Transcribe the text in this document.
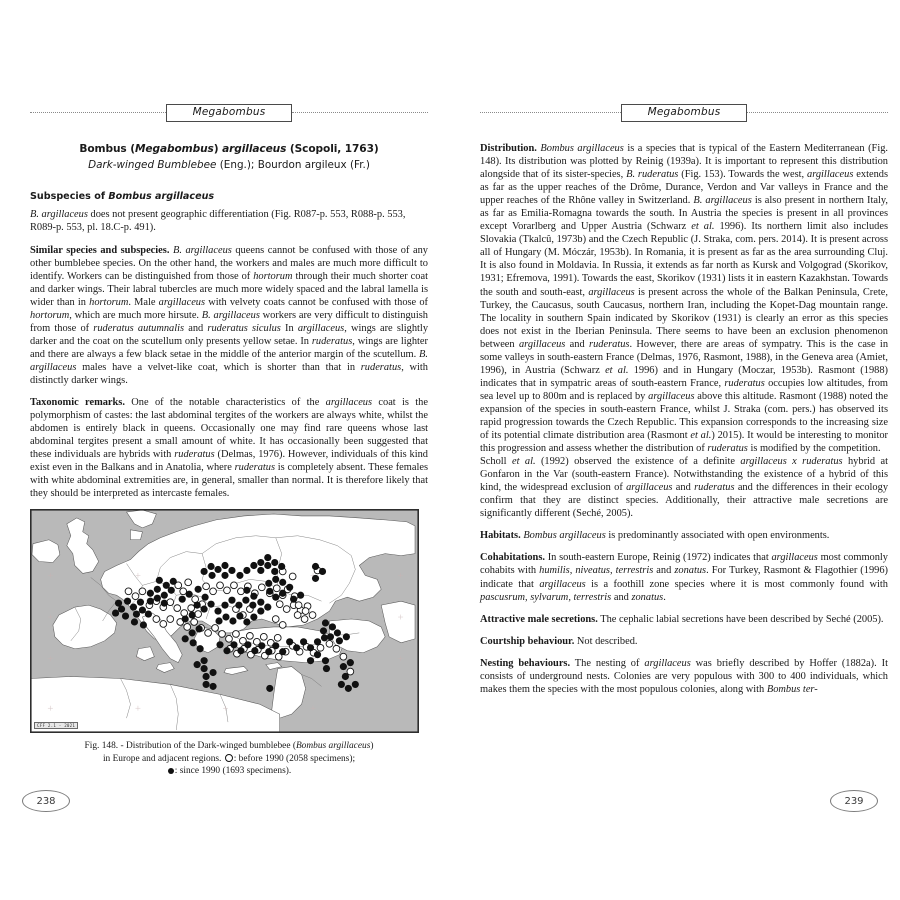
Megabombus
Bombus (Megabombus) argillaceus (Scopoli, 1763)
Dark-winged Bumblebee (Eng.); Bourdon argileux (Fr.)
Subspecies of Bombus argillaceus

B. argillaceus does not present geographic differentiation (Fig. R087-p. 553, R088-p. 553, R089-p. 553, pl. 18.C-p. 491).

Similar species and subspecies. B. argillaceus queens cannot be confused with those of any other bumblebee species. On the other hand, the workers and males are much more difficult to identify. Workers can be distinguished from those of hortorum through their much shorter coat and darker wings. Their labral tubercles are much more widely spaced and the labral lamella is wider than in hortorum. Male argillaceus with velvety coats cannot be confused with those of hortorum, which are much more hirsute. B. argillaceus workers are very difficult to distinguish from those of ruderatus autumnalis and ruderatus siculus In argillaceus, wings are slightly darker and the coat on the scutellum only presents yellow setae. In ruderatus, wings are lighter and there are always a few black setae in the middle of the anterior margin of the scutellum. B. argillaceus males have a velvet-like coat, which is shorter than that in ruderatus, with distinctly darker wings.

Taxonomic remarks. One of the notable characteristics of the argillaceus coat is the polymorphism of castes: the last abdominal tergites of the workers are always white, whilst the abdomen is entirely black in queens. Occasionally one may find rare queens whose last abdominal tergites present a small amount of white. It has occasionally been suggested that these individuals are hybrids with ruderatus (Delmas, 1976). However, individuals of this kind exist even in the Balkans and in Anatolia, where ruderatus is completely absent. These females with white abdominal extremities are, in general, smaller than normal. It is therefore likely that they should be interpreted as intercaste females.

CFF 2.1 - 2021
Fig. 148. - Distribution of the Dark-winged bumblebee (Bombus argillaceus)
in Europe and adjacent regions. : before 1990 (2058 specimens);
: since 1990 (1693 specimens).
238
Megabombus

Distribution. Bombus argillaceus is a species that is typical of the Eastern Mediterranean (Fig. 148). Its distribution was plotted by Reinig (1939a). It is important to represent this distribution alongside that of its sister-species, B. ruderatus (Fig. 153). Towards the west, argillaceus extends as far as the upper reaches of the Drôme, Durance, Verdon and Var valleys in France and the upper reaches of the Rhône valley in Switzerland. B. argillaceus is also present in northern Italy, as far as Emilia-Romagna towards the south. In Austria the species is present in all provinces except Vorarlberg and Upper Austria (Schwarz et al. 1996). Its northern limit also includes Slovakia (Tkalcû, 1973b) and the Czech Republic (J. Straka, com. pers. 2014). It is present across all of Hungary (M. Móczár, 1953b). In Romania, it is present as far as the area surrounding Cluj. It is also found in Moldavia. In Russia, it extends as far north as Kursk and Volgograd (Skorikov, 1931; Efremova, 1991). Towards the east, Skorikov (1931) lists it in eastern Kazakhstan. Towards the south and south-east, argillaceus is present across the whole of the Balkan Peninsula, Crete, Turkey, the Caucasus, south Caucasus, northern Iran, including the Kopet-Dag mountain range. The locality in southern Spain indicated by Skorikov (1931) is clearly an error as this species does not exist in the Iberian Peninsula. There seems to have been an exclusion phenomenon between argillaceus and ruderatus. However, there are areas of sympatry. This is the case in some valleys in south-eastern France (Delmas, 1976, Rasmont, 1988), in the Geneva area (Amiet, 1996), in Austria (Schwarz et al. 1996) and in Hungary (Moczar, 1953b). Rasmont (1988) indicates that in sympatric areas of south-eastern France, ruderatus occupies low altitudes, from sea level up to 800m and is replaced by argillaceus above this altitude. Rasmont (1988) noted the expansion of the species in south-eastern France, whilst J. Straka (com. pers.) has observed its rapid progression towards the Czech Republic. This expansion corresponds to the increasing size of its potential climate distribution area (Rasmont et al.) 2015). It would be interesting to monitor this progression and assess whether the distribution of ruderatus is modified by the competition.

Scholl et al. (1992) observed the existence of a definite argillaceus x ruderatus hybrid at Gonfaron in the Var (south-eastern France). Notwithstanding the existence of a hybrid of this kind, the widespread exclusion of argillaceus and ruderatus and the differences in their ecology confirm that they are distinct species. Additionally, their attractive male secretions are significantly different (Seché, 2005).

Habitats. Bombus argillaceus is predominantly associated with open environments.

Cohabitations. In south-eastern Europe, Reinig (1972) indicates that argillaceus most commonly cohabits with humilis, niveatus, terrestris and zonatus. For Turkey, Rasmont & Flagothier (1996) indicate that argillaceus is a foothill zone species where it is most commonly found with pascusrum, sylvarum, terrestris and zonatus.

Attractive male secretions. The cephalic labial secretions have been described by Seché (2005).

Courtship behaviour. Not described.

Nesting behaviours. The nesting of argillaceus was briefly described by Hoffer (1882a). It consists of underground nests. Colonies are very populous with 300 to 400 individuals, which makes them the species with the most populous colonies, along with Bombus ter-

239
